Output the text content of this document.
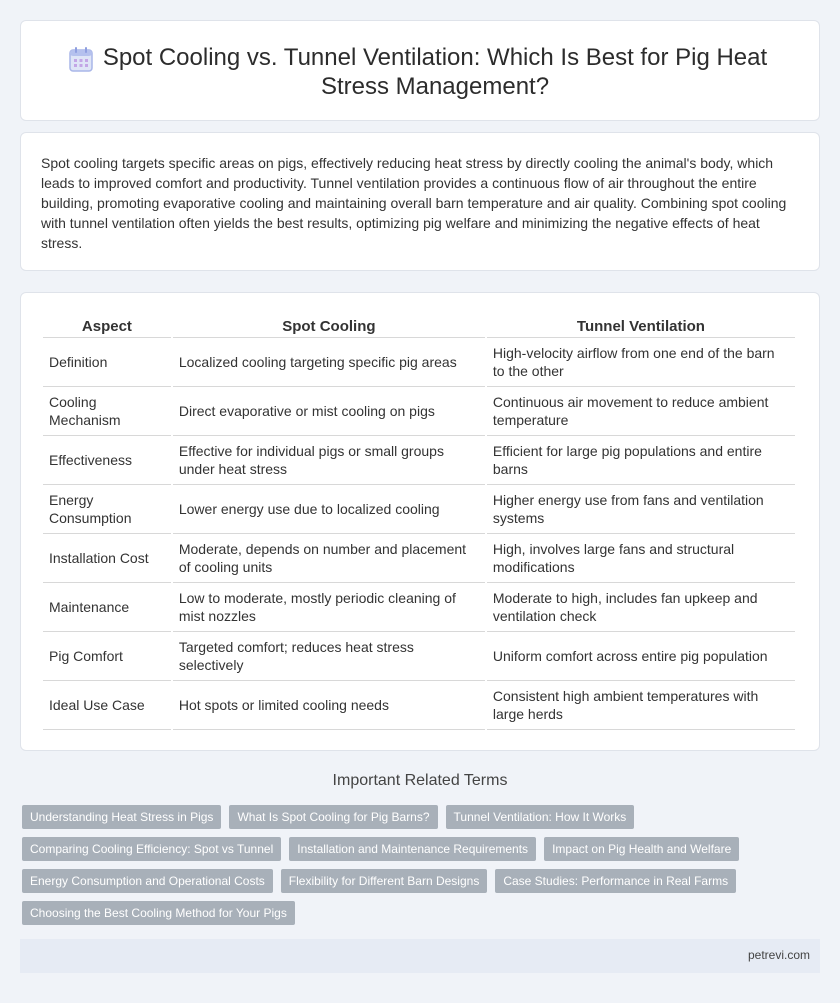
Spot Cooling vs. Tunnel Ventilation: Which Is Best for Pig Heat Stress Management?

Spot cooling targets specific areas on pigs, effectively reducing heat stress by directly cooling the animal's body, which leads to improved comfort and productivity. Tunnel ventilation provides a continuous flow of air throughout the entire building, promoting evaporative cooling and maintaining overall barn temperature and air quality. Combining spot cooling with tunnel ventilation often yields the best results, optimizing pig welfare and minimizing the negative effects of heat stress.

Aspect	Spot Cooling	Tunnel Ventilation
Definition	Localized cooling targeting specific pig areas	High-velocity airflow from one end of the barn to the other
Cooling Mechanism	Direct evaporative or mist cooling on pigs	Continuous air movement to reduce ambient temperature
Effectiveness	Effective for individual pigs or small groups under heat stress	Efficient for large pig populations and entire barns
Energy Consumption	Lower energy use due to localized cooling	Higher energy use from fans and ventilation systems
Installation Cost	Moderate, depends on number and placement of cooling units	High, involves large fans and structural modifications
Maintenance	Low to moderate, mostly periodic cleaning of mist nozzles	Moderate to high, includes fan upkeep and ventilation check
Pig Comfort	Targeted comfort; reduces heat stress selectively	Uniform comfort across entire pig population
Ideal Use Case	Hot spots or limited cooling needs	Consistent high ambient temperatures with large herds
Important Related Terms
Understanding Heat Stress in Pigs	What Is Spot Cooling for Pig Barns?	Tunnel Ventilation: How It Works
Comparing Cooling Efficiency: Spot vs Tunnel	Installation and Maintenance Requirements	Impact on Pig Health and Welfare
Energy Consumption and Operational Costs	Flexibility for Different Barn Designs	Case Studies: Performance in Real Farms
Choosing the Best Cooling Method for Your Pigs
petrevi.com
